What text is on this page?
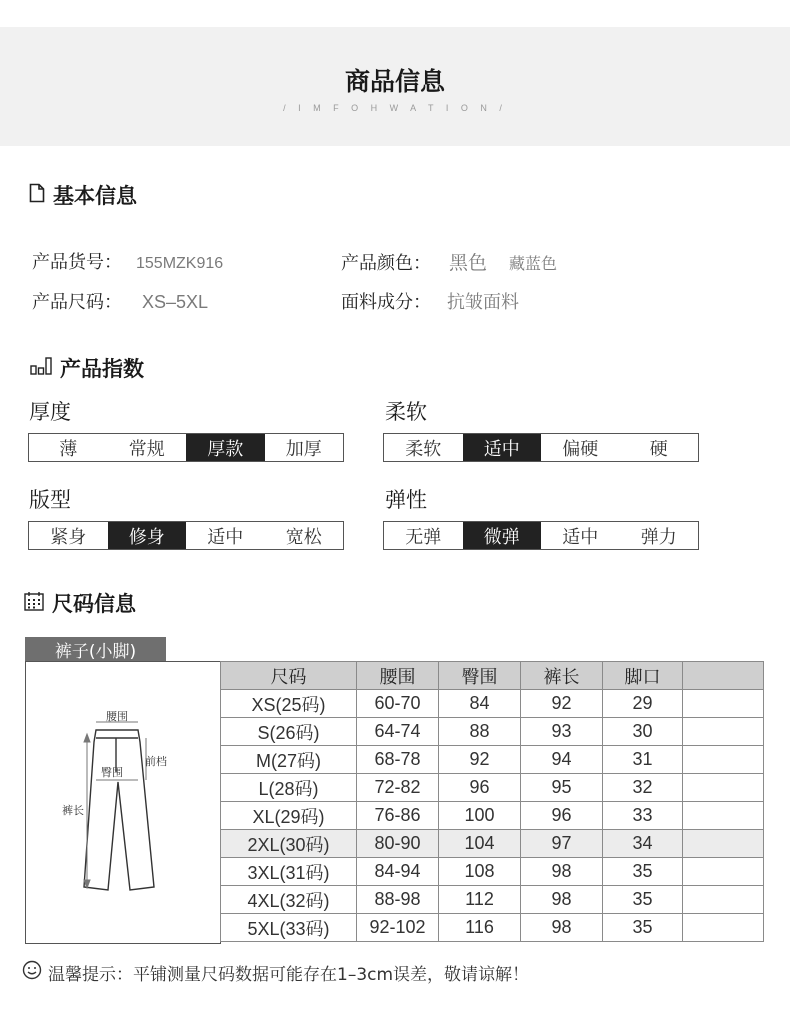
商品信息
/ I M F O H W A T I O N /
基本信息
产品货号： 155MZK916
产品尺码： XS–5XL
产品颜色： 黑色 藏蓝色
面料成分： 抗皱面料
产品指数
厚度
薄	常规	厚款	加厚
柔软
柔软	适中	偏硬	硬
版型
紧身	修身	适中	宽松
弹性
无弹	微弹	适中	弹力
尺码信息
裤子(小脚)
腰围
臀围
前档
裤长
尺码	腰围	臀围	裤长	脚口	
XS(25码)	60-70	84	92	29	
S(26码)	64-74	88	93	30	
M(27码)	68-78	92	94	31	
L(28码)	72-82	96	95	32	
XL(29码)	76-86	100	96	33	
2XL(30码)	80-90	104	97	34	
3XL(31码)	84-94	108	98	35	
4XL(32码)	88-98	112	98	35	
5XL(33码)	92-102	116	98	35	
温馨提示：平铺测量尺码数据可能存在1–3cm误差，敬请谅解！
